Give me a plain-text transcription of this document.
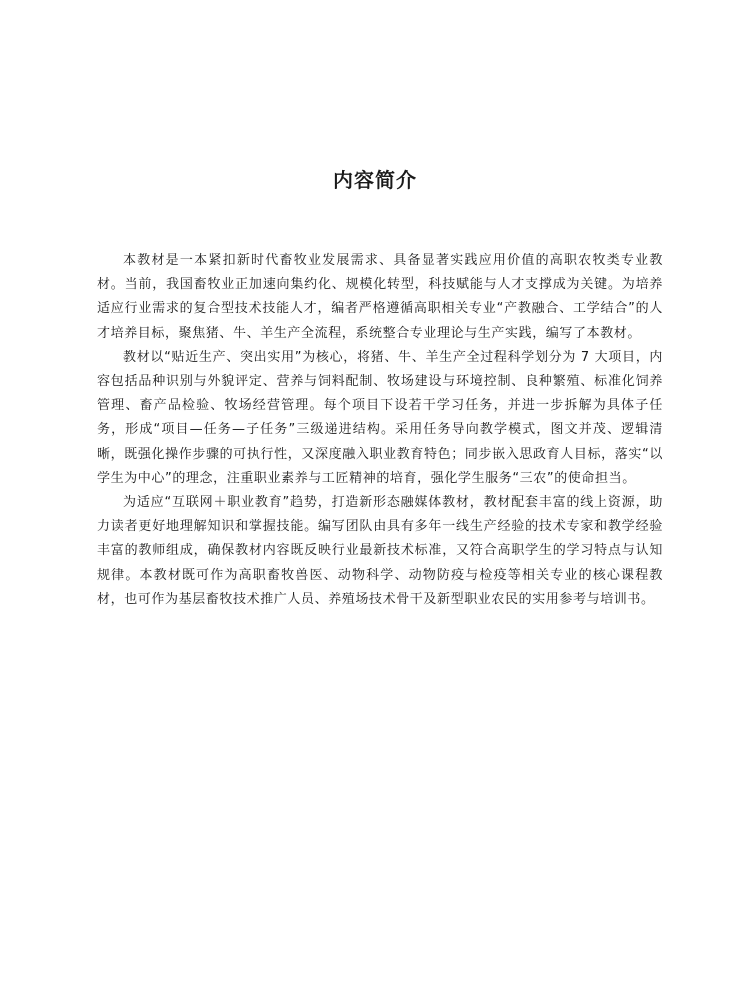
内容简介

本教材是一本紧扣新时代畜牧业发展需求、具备显著实践应用价值的高职农牧类专业教材。当前，我国畜牧业正加速向集约化、规模化转型，科技赋能与人才支撑成为关键。为培养适应行业需求的复合型技术技能人才，编者严格遵循高职相关专业“产教融合、工学结合”的人才培养目标，聚焦猪、牛、羊生产全流程，系统整合专业理论与生产实践，编写了本教材。

教材以“贴近生产、突出实用”为核心，将猪、牛、羊生产全过程科学划分为 7 大项目，内容包括品种识别与外貌评定、营养与饲料配制、牧场建设与环境控制、良种繁殖、标准化饲养管理、畜产品检验、牧场经营管理。每个项目下设若干学习任务，并进一步拆解为具体子任务，形成“项目—任务—子任务”三级递进结构。采用任务导向教学模式，图文并茂、逻辑清晰，既强化操作步骤的可执行性，又深度融入职业教育特色；同步嵌入思政育人目标，落实“以学生为中心”的理念，注重职业素养与工匠精神的培育，强化学生服务“三农”的使命担当。

为适应“互联网＋职业教育”趋势，打造新形态融媒体教材，教材配套丰富的线上资源，助力读者更好地理解知识和掌握技能。编写团队由具有多年一线生产经验的技术专家和教学经验丰富的教师组成，确保教材内容既反映行业最新技术标准，又符合高职学生的学习特点与认知规律。本教材既可作为高职畜牧兽医、动物科学、动物防疫与检疫等相关专业的核心课程教材，也可作为基层畜牧技术推广人员、养殖场技术骨干及新型职业农民的实用参考与培训书。
